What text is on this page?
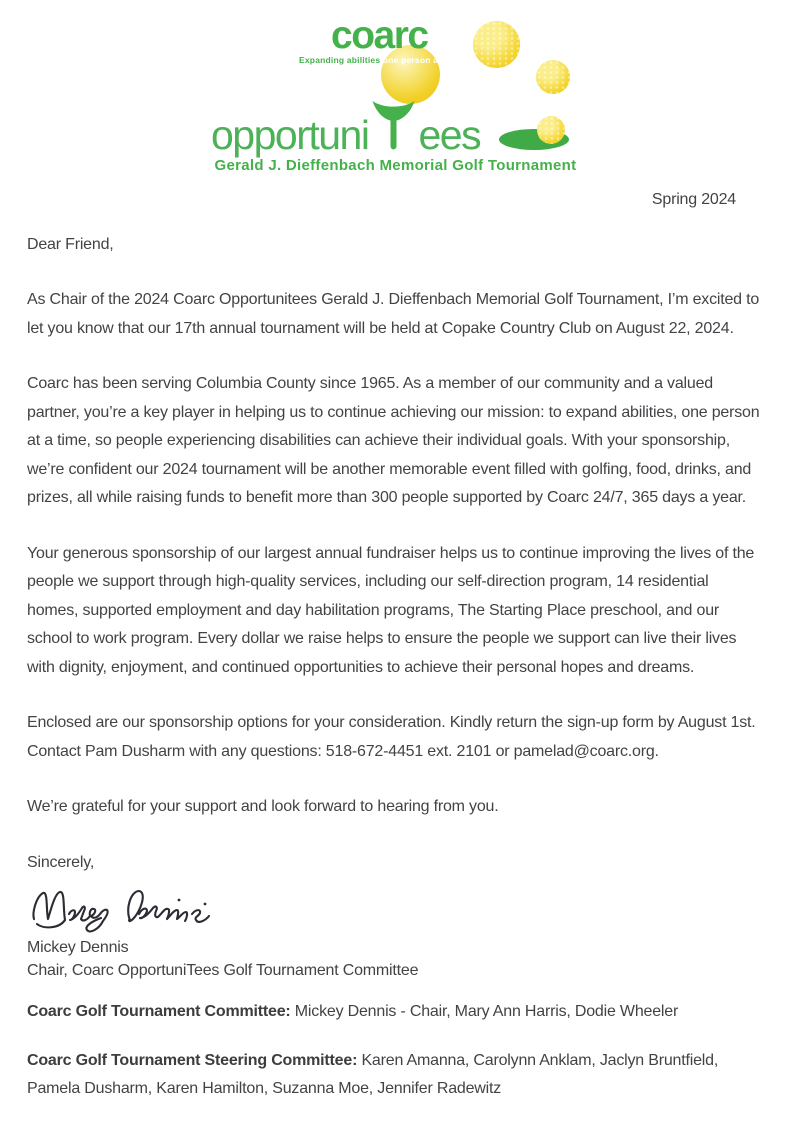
coarc
Expanding abilities one person at a time
opportuni ees
Gerald J. Dieffenbach Memorial Golf Tournament
Spring 2024

Dear Friend,

As Chair of the 2024 Coarc Opportunitees Gerald J. Dieffenbach Memorial Golf Tournament, I’m excited to let you know that our 17th annual tournament will be held at Copake Country Club on August 22, 2024.

Coarc has been serving Columbia County since 1965. As a member of our community and a valued partner, you’re a key player in helping us to continue achieving our mission: to expand abilities, one person at a time, so people experiencing disabilities can achieve their individual goals. With your sponsorship, we’re confident our 2024 tournament will be another memorable event filled with golfing, food, drinks, and prizes, all while raising funds to benefit more than 300 people supported by Coarc 24/7, 365 days a year.

Your generous sponsorship of our largest annual fundraiser helps us to continue improving the lives of the people we support through high-quality services, including our self-direction program, 14 residential homes, supported employment and day habilitation programs, The Starting Place preschool, and our school to work program. Every dollar we raise helps to ensure the people we support can live their lives with dignity, enjoyment, and continued opportunities to achieve their personal hopes and dreams.

Enclosed are our sponsorship options for your consideration. Kindly return the sign-up form by August 1st. Contact Pam Dusharm with any questions: 518-672-4451 ext. 2101 or pamelad@coarc.org.

We’re grateful for your support and look forward to hearing from you.

Sincerely,

Mickey Dennis
Chair, Coarc OpportuniTees Golf Tournament Committee

Coarc Golf Tournament Committee: Mickey Dennis - Chair, Mary Ann Harris, Dodie Wheeler

Coarc Golf Tournament Steering Committee: Karen Amanna, Carolynn Anklam, Jaclyn Bruntfield, Pamela Dusharm, Karen Hamilton, Suzanna Moe, Jennifer Radewitz
